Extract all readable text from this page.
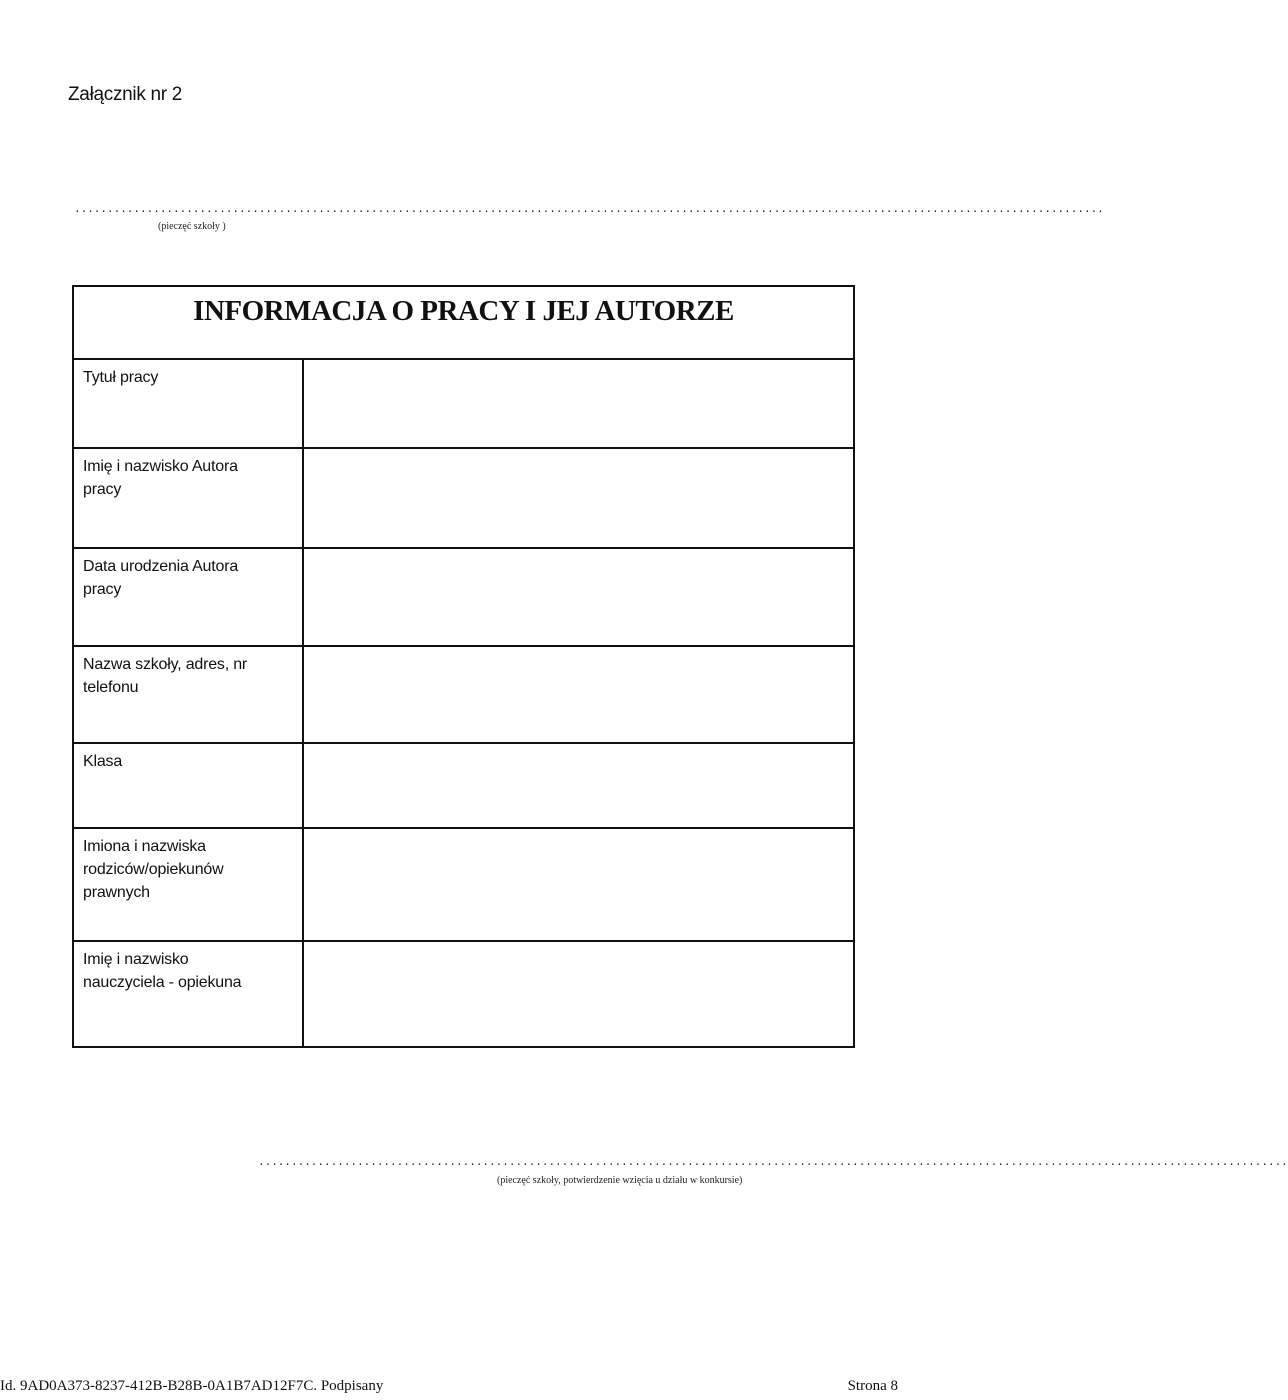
Załącznik nr 2
............................................................................................................................................................
(pieczęć szkoły )
INFORMACJA O PRACY I JEJ AUTORZE
Tytuł pracy
Imię i nazwisko Autora
pracy
Data urodzenia Autora
pracy
Nazwa szkoły, adres, nr
telefonu
Klasa
Imiona i nazwiska
rodziców/opiekunów
prawnych
Imię i nazwisko
nauczyciela - opiekuna
............................................................................................................................................................
(pieczęć szkoły, potwierdzenie wzięcia u działu w konkursie)
Id. 9AD0A373-8237-412B-B28B-0A1B7AD12F7C. Podpisany	Strona 8
